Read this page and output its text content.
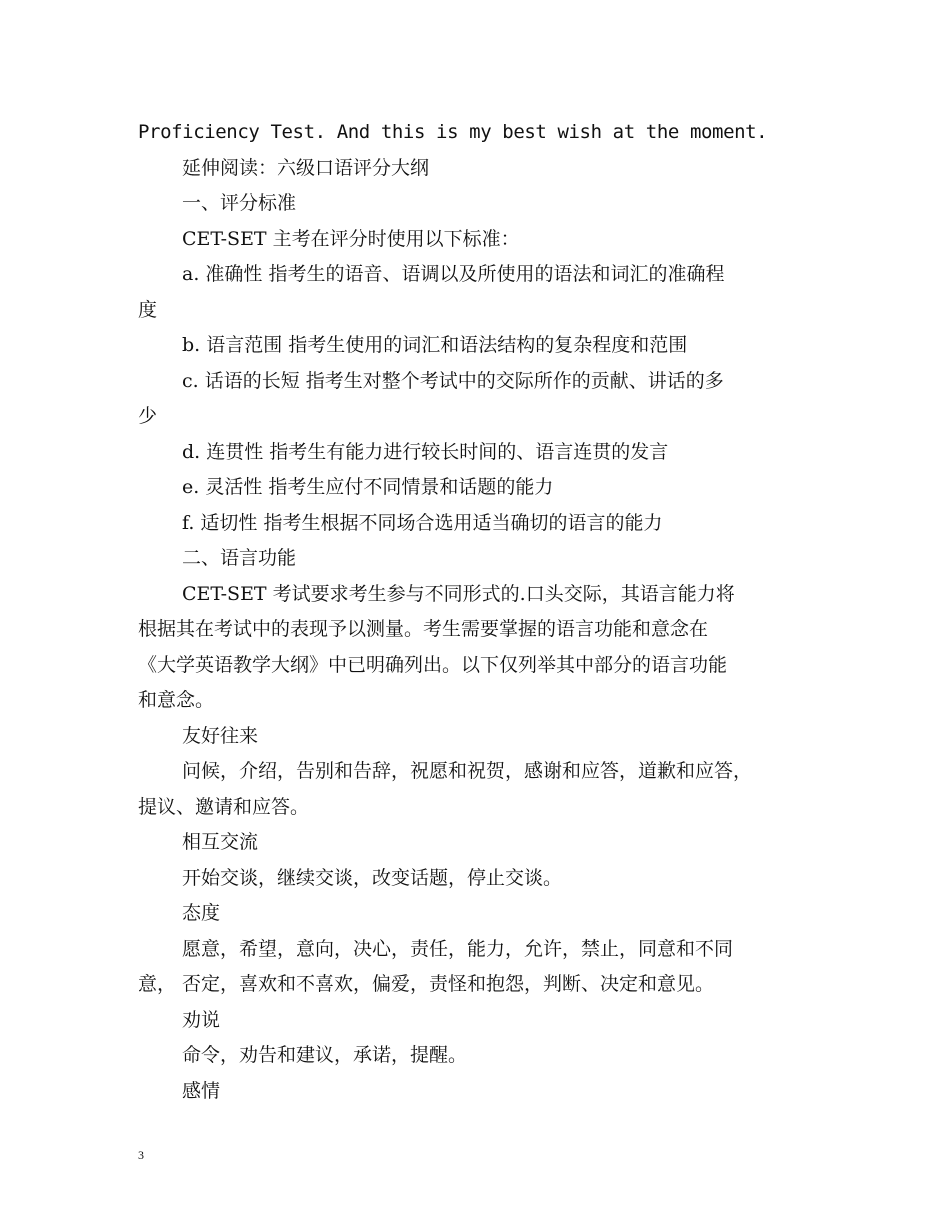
Proficiency Test. And this is my best wish at the moment.
延伸阅读：六级口语评分大纲
一、评分标准
CET-SET 主考在评分时使用以下标准：
a. 准确性 指考生的语音、语调以及所使用的语法和词汇的准确程
度
b. 语言范围 指考生使用的词汇和语法结构的复杂程度和范围
c. 话语的长短 指考生对整个考试中的交际所作的贡献、讲话的多
少
d. 连贯性 指考生有能力进行较长时间的、语言连贯的发言
e. 灵活性 指考生应付不同情景和话题的能力
f. 适切性 指考生根据不同场合选用适当确切的语言的能力
二、语言功能
CET-SET 考试要求考生参与不同形式的.口头交际，其语言能力将
根据其在考试中的表现予以测量。考生需要掌握的语言功能和意念在
《大学英语教学大纲》中已明确列出。以下仅列举其中部分的语言功能
和意念。
友好往来
问候，介绍，告别和告辞，祝愿和祝贺，感谢和应答，道歉和应答，
提议、邀请和应答。
相互交流
开始交谈，继续交谈，改变话题，停止交谈。
态度
愿意，希望，意向，决心，责任，能力，允许，禁止，同意和不同
意， 否定，喜欢和不喜欢，偏爱，责怪和抱怨，判断、决定和意见。
劝说
命令，劝告和建议，承诺，提醒。
感情
3
